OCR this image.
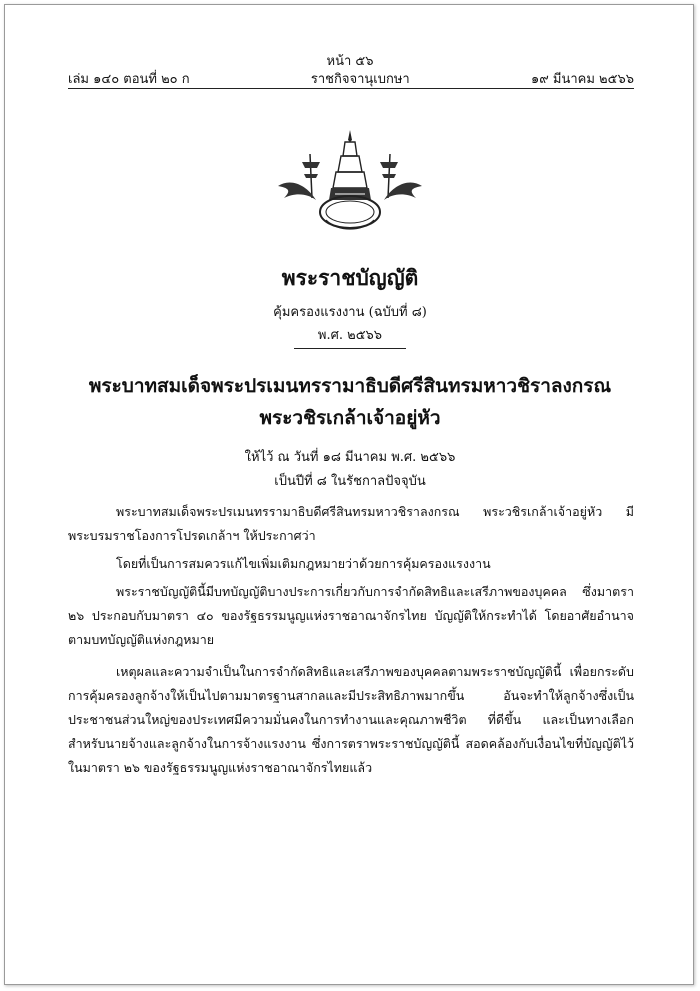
หน้า ๕๖
เล่ม ๑๔๐ ตอนที่ ๒๐ ก	ราชกิจจานุเบกษา	๑๙ มีนาคม ๒๕๖๖
พระราชบัญญัติ
คุ้มครองแรงงาน (ฉบับที่ ๘)
พ.ศ. ๒๕๖๖
พระบาทสมเด็จพระปรเมนทรรามาธิบดีศรีสินทรมหาวชิราลงกรณ
พระวชิรเกล้าเจ้าอยู่หัว
ให้ไว้ ณ วันที่ ๑๘ มีนาคม พ.ศ. ๒๕๖๖
เป็นปีที่ ๘ ในรัชกาลปัจจุบัน

พระบาทสมเด็จพระปรเมนทรรามาธิบดีศรีสินทรมหาวชิราลงกรณ พระวชิรเกล้าเจ้าอยู่หัว มีพระบรมราชโองการโปรดเกล้าฯ ให้ประกาศว่า

โดยที่เป็นการสมควรแก้ไขเพิ่มเติมกฎหมายว่าด้วยการคุ้มครองแรงงาน

พระราชบัญญัตินี้มีบทบัญญัติบางประการเกี่ยวกับการจำกัดสิทธิและเสรีภาพของบุคคล ซึ่งมาตรา ๒๖ ประกอบกับมาตรา ๔๐ ของรัฐธรรมนูญแห่งราชอาณาจักรไทย บัญญัติให้กระทำได้ โดยอาศัยอำนาจตามบทบัญญัติแห่งกฎหมาย

เหตุผลและความจำเป็นในการจำกัดสิทธิและเสรีภาพของบุคคลตามพระราชบัญญัตินี้ เพื่อยกระดับการคุ้มครองลูกจ้างให้เป็นไปตามมาตรฐานสากลและมีประสิทธิภาพมากขึ้น อันจะทำให้ลูกจ้างซึ่งเป็นประชาชนส่วนใหญ่ของประเทศมีความมั่นคงในการทำงานและคุณภาพชีวิต ที่ดีขึ้น และเป็นทางเลือกสำหรับนายจ้างและลูกจ้างในการจ้างแรงงาน ซึ่งการตราพระราชบัญญัตินี้ สอดคล้องกับเงื่อนไขที่บัญญัติไว้ในมาตรา ๒๖ ของรัฐธรรมนูญแห่งราชอาณาจักรไทยแล้ว
